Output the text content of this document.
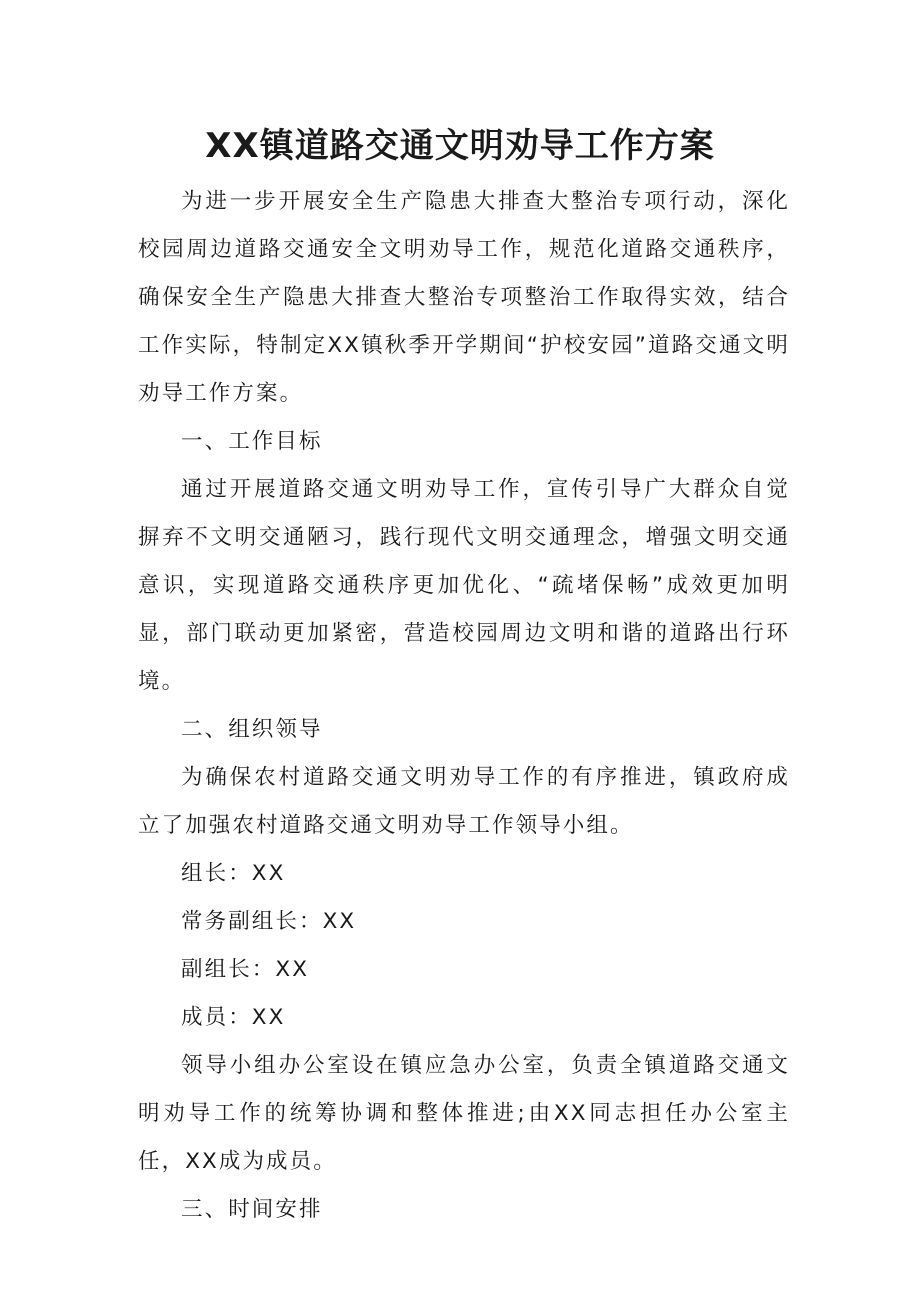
XX镇道路交通文明劝导工作方案

为进一步开展安全生产隐患大排查大整治专项行动，深化校园周边道路交通安全文明劝导工作，规范化道路交通秩序，确保安全生产隐患大排查大整治专项整治工作取得实效，结合工作实际，特制定XX镇秋季开学期间“护校安园”道路交通文明劝导工作方案。

一、工作目标

通过开展道路交通文明劝导工作，宣传引导广大群众自觉摒弃不文明交通陋习，践行现代文明交通理念，增强文明交通意识，实现道路交通秩序更加优化、“疏堵保畅”成效更加明显，部门联动更加紧密，营造校园周边文明和谐的道路出行环境。

二、组织领导

为确保农村道路交通文明劝导工作的有序推进，镇政府成立了加强农村道路交通文明劝导工作领导小组。

组长：XX

常务副组长：XX

副组长：XX

成员：XX

领导小组办公室设在镇应急办公室，负责全镇道路交通文明劝导工作的统筹协调和整体推进;由XX同志担任办公室主任，XX成为成员。

三、时间安排
